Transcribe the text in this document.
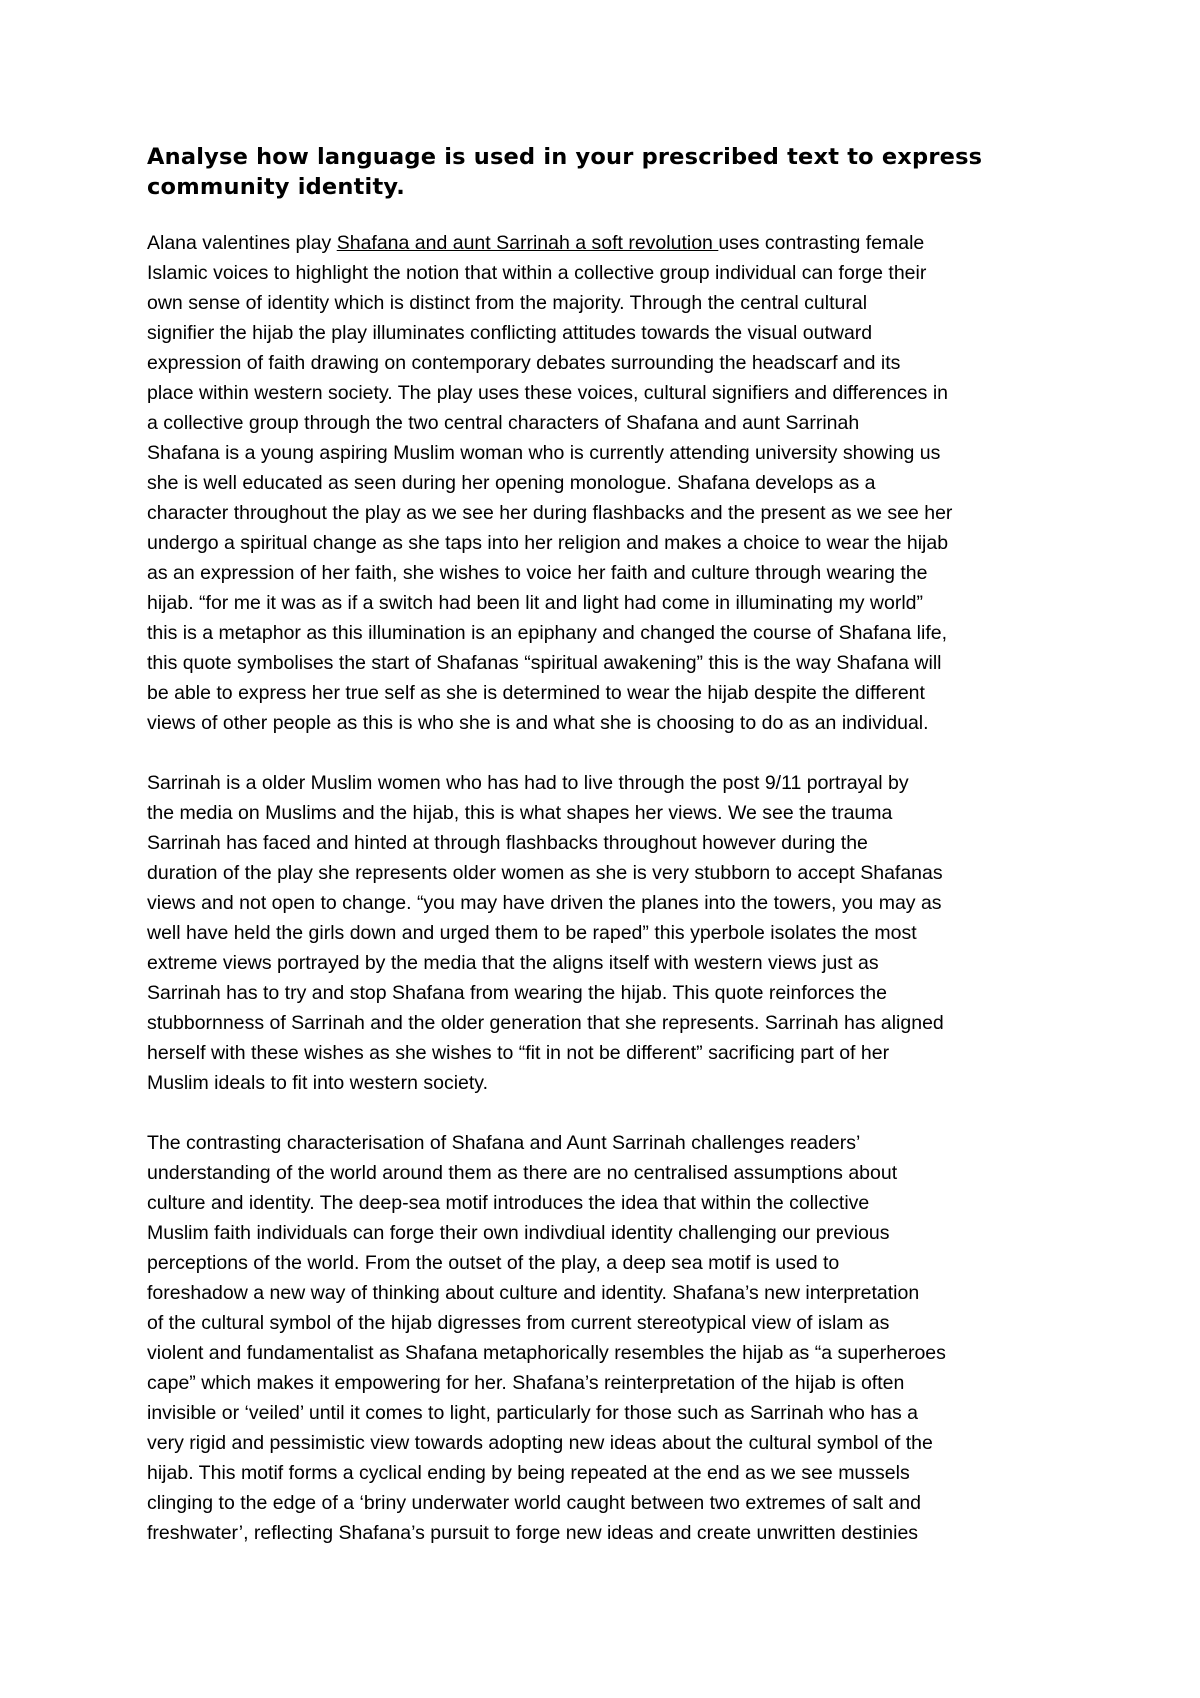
Analyse how language is used in your prescribed text to express
community identity.
Alana valentines play Shafana and aunt Sarrinah a soft revolution uses contrasting female
Islamic voices to highlight the notion that within a collective group individual can forge their
own sense of identity which is distinct from the majority. Through the central cultural
signifier the hijab the play illuminates conflicting attitudes towards the visual outward
expression of faith drawing on contemporary debates surrounding the headscarf and its
place within western society. The play uses these voices, cultural signifiers and differences in
a collective group through the two central characters of Shafana and aunt Sarrinah
Shafana is a young aspiring Muslim woman who is currently attending university showing us
she is well educated as seen during her opening monologue. Shafana develops as a
character throughout the play as we see her during flashbacks and the present as we see her
undergo a spiritual change as she taps into her religion and makes a choice to wear the hijab
as an expression of her faith, she wishes to voice her faith and culture through wearing the
hijab. “for me it was as if a switch had been lit and light had come in illuminating my world”
this is a metaphor as this illumination is an epiphany and changed the course of Shafana life,
this quote symbolises the start of Shafanas “spiritual awakening” this is the way Shafana will
be able to express her true self as she is determined to wear the hijab despite the different
views of other people as this is who she is and what she is choosing to do as an individual.
Sarrinah is a older Muslim women who has had to live through the post 9/11 portrayal by
the media on Muslims and the hijab, this is what shapes her views. We see the trauma
Sarrinah has faced and hinted at through flashbacks throughout however during the
duration of the play she represents older women as she is very stubborn to accept Shafanas
views and not open to change. “you may have driven the planes into the towers, you may as
well have held the girls down and urged them to be raped” this yperbole isolates the most
extreme views portrayed by the media that the aligns itself with western views just as
Sarrinah has to try and stop Shafana from wearing the hijab. This quote reinforces the
stubbornness of Sarrinah and the older generation that she represents. Sarrinah has aligned
herself with these wishes as she wishes to “fit in not be different” sacrificing part of her
Muslim ideals to fit into western society.
The contrasting characterisation of Shafana and Aunt Sarrinah challenges readers’
understanding of the world around them as there are no centralised assumptions about
culture and identity. The deep-sea motif introduces the idea that within the collective
Muslim faith individuals can forge their own indivdiual identity challenging our previous
perceptions of the world. From the outset of the play, a deep sea motif is used to
foreshadow a new way of thinking about culture and identity. Shafana’s new interpretation
of the cultural symbol of the hijab digresses from current stereotypical view of islam as
violent and fundamentalist as Shafana metaphorically resembles the hijab as “a superheroes
cape” which makes it empowering for her. Shafana’s reinterpretation of the hijab is often
invisible or ‘veiled’ until it comes to light, particularly for those such as Sarrinah who has a
very rigid and pessimistic view towards adopting new ideas about the cultural symbol of the
hijab. This motif forms a cyclical ending by being repeated at the end as we see mussels
clinging to the edge of a ‘briny underwater world caught between two extremes of salt and
freshwater’, reflecting Shafana’s pursuit to forge new ideas and create unwritten destinies
